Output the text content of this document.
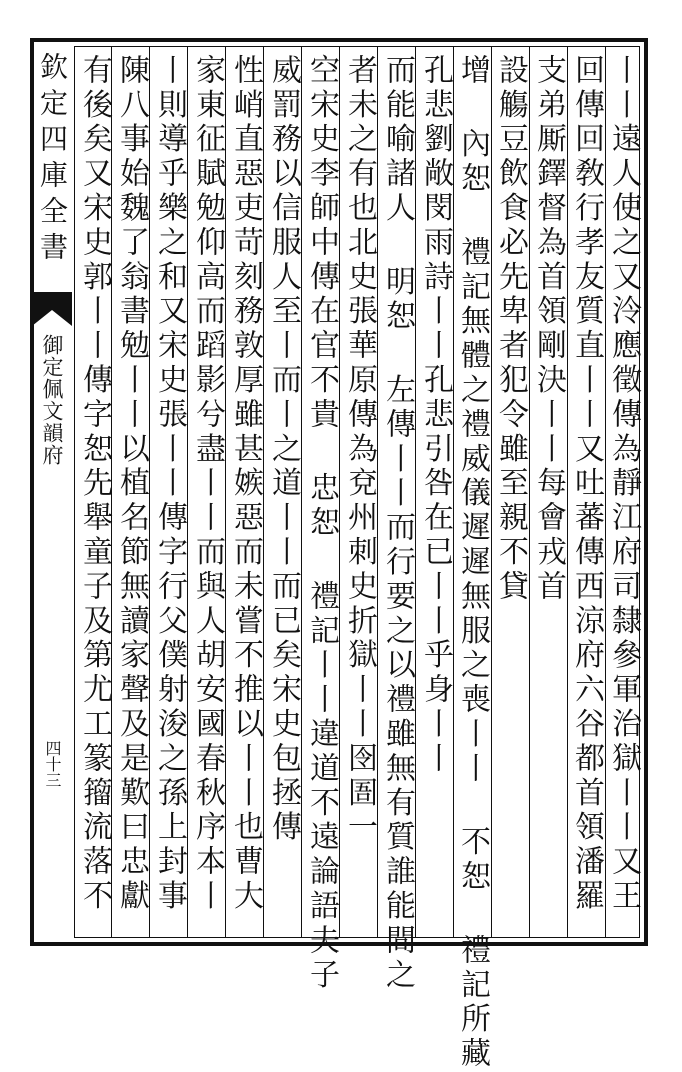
欽定四庫全書
御定佩文韻府
四十三	丨丨遠人使之又泠應徵傳為靜江府司隸參軍治獄丨丨又王
回傳回敎行孝友質直丨丨又吐蕃傳西涼府六谷都首領潘羅
支弟厮鐸督為首領剛決丨丨每會戎首
設觴豆飲食必先卑者犯令雖至親不貸
增 內恕 禮記無體之禮威儀遲遲無服之喪丨丨 不恕 禮記所藏
孔悲劉敞閔雨詩丨丨孔悲引咎在已丨丨乎身丨丨
而能喻諸人 明恕 左傳丨丨而行要之以禮雖無有質誰能間之
者未之有也北史張華原傳為兗州刺史折獄丨丨囹圄一
空宋史李師中傳在官不貴 忠恕 禮記丨丨違道不遠論語夫子
威罰務以信服人至丨而丨之道丨丨而已矣宋史包拯傳
性峭直惡吏苛刻務敦厚雖甚嫉惡而未嘗不推以丨丨也曹大
家東征賦勉仰高而蹈影兮盡丨丨而與人胡安國春秋序本丨
丨則導乎樂之和又宋史張丨丨傳字行父僕射浚之孫上封事
陳八事始魏了翁書勉丨丨以植名節無讀家聲及是歎曰忠獻
有後矣又宋史郭丨丨傳字恕先舉童子及第尤工篆籀流落不
